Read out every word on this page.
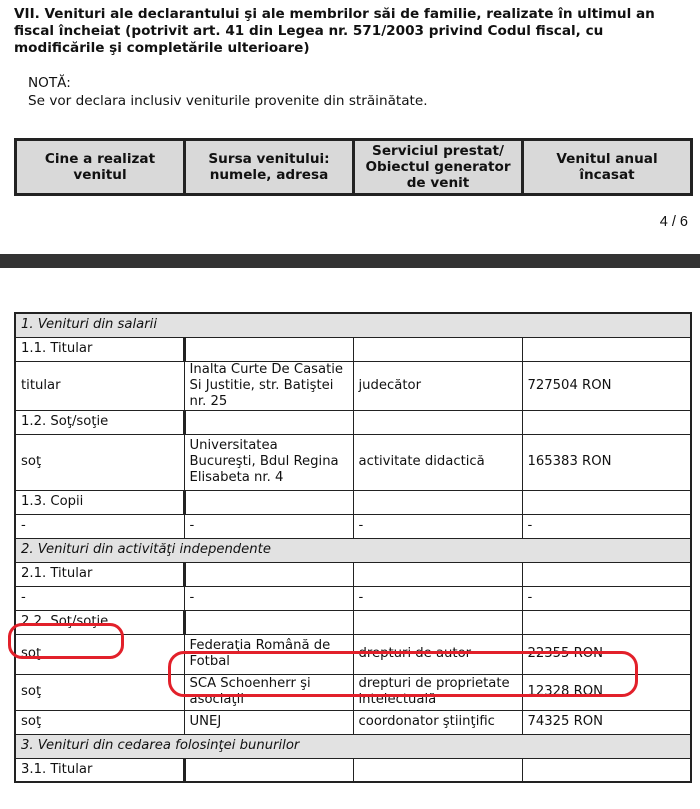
VII. Venituri ale declarantului şi ale membrilor săi de familie, realizate în ultimul an fiscal încheiat (potrivit art. 41 din Legea nr. 571/2003 privind Codul fiscal, cu modificările şi completările ulterioare)
NOTĂ:
Se vor declara inclusiv veniturile provenite din străinătate.
Cine a realizat venitul	Sursa venitului: numele, adresa	Serviciul prestat/ Obiectul generator de venit	Venitul anual încasat
4 / 6
1. Venituri din salarii			
1.1. Titular			
titular	Inalta Curte De Casatie Si Justitie, str. Batiştei nr. 25	judecător	727504 RON
1.2. Soţ/soţie			
soţ	Universitatea Bucureşti, Bdul Regina Elisabeta nr. 4	activitate didactică	165383 RON
1.3. Copii			
-	-	-	-
2. Venituri din activităţi independente			
2.1. Titular			
-	-	-	-
2.2. Soţ/soţie			
soţ	Federaţia Română de Fotbal	drepturi de autor	22355 RON
soţ	SCA Schoenherr şi asociaţii	drepturi de proprietate intelectuală	12328 RON
soţ	UNEJ	coordonator ştiinţific	74325 RON
3. Venituri din cedarea folosinţei bunurilor			
3.1. Titular			
